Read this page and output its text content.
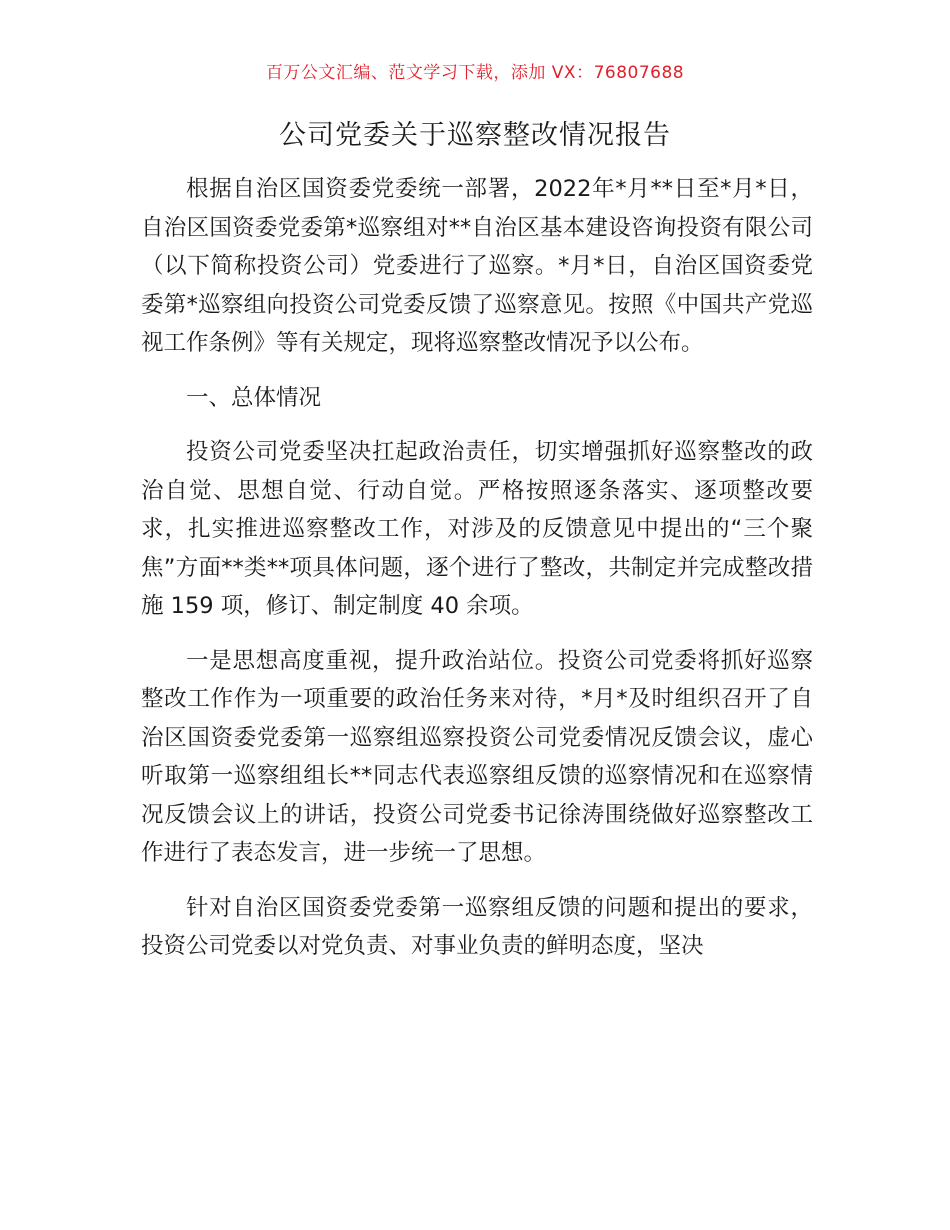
百万公文汇编、范文学习下载，添加 VX：76807688
公司党委关于巡察整改情况报告

根据自治区国资委党委统一部署，2022年*月**日至*月*日，自治区国资委党委第*巡察组对**自治区基本建设咨询投资有限公司（以下简称投资公司）党委进行了巡察。*月*日，自治区国资委党委第*巡察组向投资公司党委反馈了巡察意见。按照《中国共产党巡视工作条例》等有关规定，现将巡察整改情况予以公布。

一、总体情况

投资公司党委坚决扛起政治责任，切实增强抓好巡察整改的政治自觉、思想自觉、行动自觉。严格按照逐条落实、逐项整改要求，扎实推进巡察整改工作，对涉及的反馈意见中提出的“三个聚焦”方面**类**项具体问题，逐个进行了整改，共制定并完成整改措施 159 项，修订、制定制度 40 余项。

一是思想高度重视，提升政治站位。投资公司党委将抓好巡察整改工作作为一项重要的政治任务来对待，*月*及时组织召开了自治区国资委党委第一巡察组巡察投资公司党委情况反馈会议，虚心听取第一巡察组组长**同志代表巡察组反馈的巡察情况和在巡察情况反馈会议上的讲话，投资公司党委书记徐涛围绕做好巡察整改工作进行了表态发言，进一步统一了思想。

针对自治区国资委党委第一巡察组反馈的问题和提出的要求，投资公司党委以对党负责、对事业负责的鲜明态度，坚决
